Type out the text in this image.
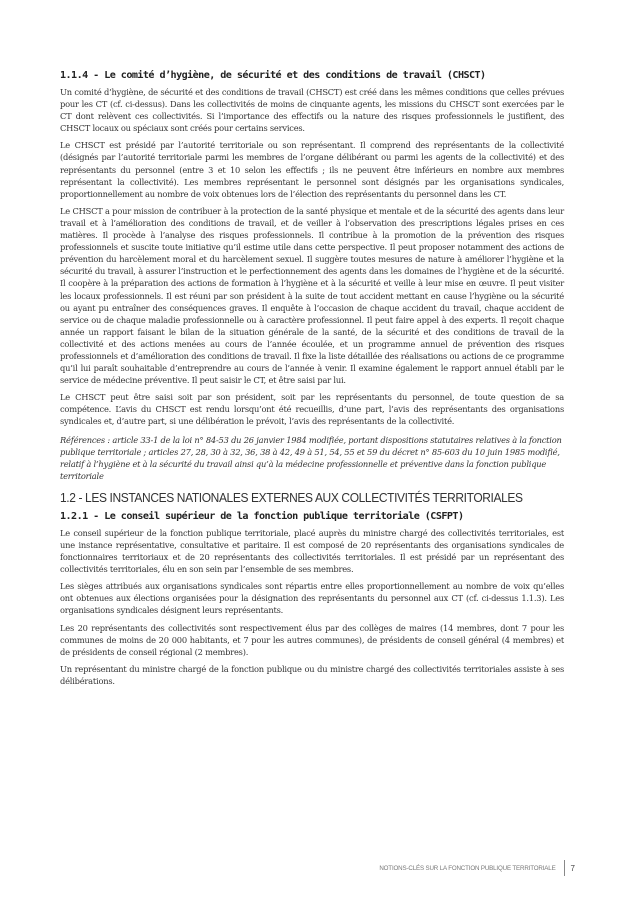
1.1.4 - Le comité d’hygiène, de sécurité et des conditions de travail (CHSCT)

Un comité d’hygiène, de sécurité et des conditions de travail (CHSCT) est créé dans les mêmes conditions que celles prévues pour les CT (cf. ci-dessus). Dans les collectivités de moins de cinquante agents, les missions du CHSCT sont exercées par le CT dont relèvent ces collectivités. Si l’importance des effectifs ou la nature des risques professionnels le justifient, des CHSCT locaux ou spéciaux sont créés pour certains services.

Le CHSCT est présidé par l’autorité territoriale ou son représentant. Il comprend des représentants de la collectivité (désignés par l’autorité territoriale parmi les membres de l’organe délibérant ou parmi les agents de la collectivité) et des représentants du personnel (entre 3 et 10 selon les effectifs ; ils ne peuvent être inférieurs en nombre aux membres représentant la collectivité). Les membres représentant le personnel sont désignés par les organisations syndicales, proportionnellement au nombre de voix obtenues lors de l’élection des représentants du personnel dans les CT.

Le CHSCT a pour mission de contribuer à la protection de la santé physique et mentale et de la sécurité des agents dans leur travail et à l’amélioration des conditions de travail, et de veiller à l’observation des prescriptions légales prises en ces matières. Il procède à l’analyse des risques professionnels. Il contribue à la promotion de la prévention des risques professionnels et suscite toute initiative qu’il estime utile dans cette perspective. Il peut proposer notamment des actions de prévention du harcèlement moral et du harcèlement sexuel. Il suggère toutes mesures de nature à améliorer l’hygiène et la sécurité du travail, à assurer l’instruction et le perfectionnement des agents dans les domaines de l’hygiène et de la sécurité. Il coopère à la préparation des actions de formation à l’hygiène et à la sécurité et veille à leur mise en œuvre. Il peut visiter les locaux professionnels. Il est réuni par son président à la suite de tout accident mettant en cause l’hygiène ou la sécurité ou ayant pu entraîner des conséquences graves. Il enquête à l’occasion de chaque accident du travail, chaque accident de service ou de chaque maladie professionnelle ou à caractère professionnel. Il peut faire appel à des experts. Il reçoit chaque année un rapport faisant le bilan de la situation générale de la santé, de la sécurité et des conditions de travail de la collectivité et des actions menées au cours de l’année écoulée, et un programme annuel de prévention des risques professionnels et d’amélioration des conditions de travail. Il fixe la liste détaillée des réalisations ou actions de ce programme qu’il lui paraît souhaitable d’entreprendre au cours de l’année à venir. Il examine également le rapport annuel établi par le service de médecine préventive. Il peut saisir le CT, et être saisi par lui.

Le CHSCT peut être saisi soit par son président, soit par les représentants du personnel, de toute question de sa compétence. L’avis du CHSCT est rendu lorsqu’ont été recueillis, d’une part, l’avis des représentants des organisations syndicales et, d’autre part, si une délibération le prévoit, l’avis des représentants de la collectivité.

Références : article 33-1 de la loi n° 84-53 du 26 janvier 1984 modifiée, portant dispositions statutaires relatives à la fonction publique territoriale ; articles 27, 28, 30 à 32, 36, 38 à 42, 49 à 51, 54, 55 et 59 du décret n° 85-603 du 10 juin 1985 modifié, relatif à l’hygiène et à la sécurité du travail ainsi qu’à la médecine professionnelle et préventive dans la fonction publique territoriale

1.2 - LES INSTANCES NATIONALES EXTERNES AUX COLLECTIVITÉS TERRITORIALES
1.2.1 - Le conseil supérieur de la fonction publique territoriale (CSFPT)

Le conseil supérieur de la fonction publique territoriale, placé auprès du ministre chargé des collectivités territoriales, est une instance représentative, consultative et paritaire. Il est composé de 20 représentants des organisations syndicales de fonctionnaires territoriaux et de 20 représentants des collectivités territoriales. Il est présidé par un représentant des collectivités territoriales, élu en son sein par l’ensemble de ses membres.

Les sièges attribués aux organisations syndicales sont répartis entre elles proportionnellement au nombre de voix qu’elles ont obtenues aux élections organisées pour la désignation des représentants du personnel aux CT (cf. ci-dessus 1.1.3). Les organisations syndicales désignent leurs représentants.

Les 20 représentants des collectivités sont respectivement élus par des collèges de maires (14 membres, dont 7 pour les communes de moins de 20 000 habitants, et 7 pour les autres communes), de présidents de conseil général (4 membres) et de présidents de conseil régional (2 membres).

Un représentant du ministre chargé de la fonction publique ou du ministre chargé des collectivités territoriales assiste à ses délibérations.

NOTIONS-CLÉS SUR LA FONCTION PUBLIQUE TERRITORIALE 7
